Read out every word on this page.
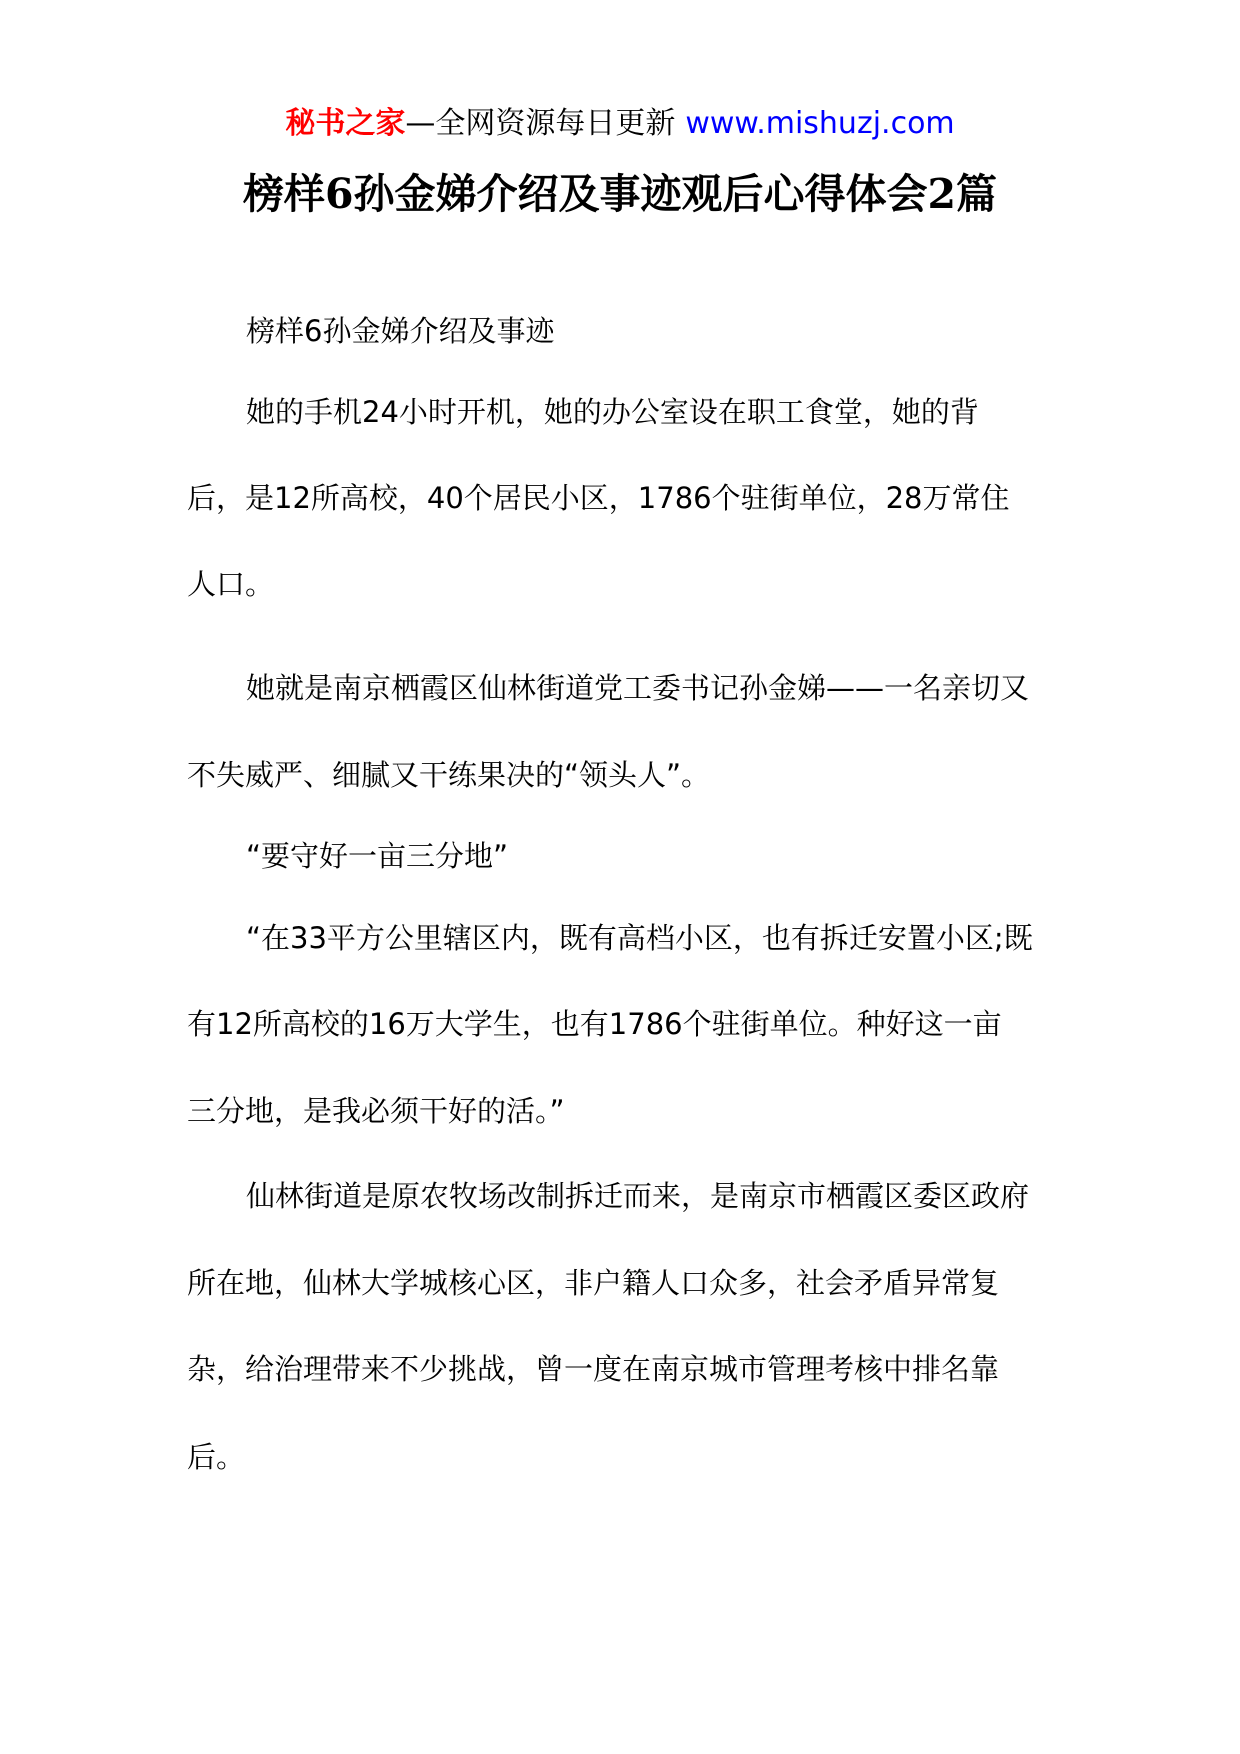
秘书之家—全网资源每日更新 www.mishuzj.com
榜样6孙金娣介绍及事迹观后心得体会2篇
榜样6孙金娣介绍及事迹
她的手机24小时开机，她的办公室设在职工食堂，她的背
后，是12所高校，40个居民小区，1786个驻街单位，28万常住
人口。
她就是南京栖霞区仙林街道党工委书记孙金娣——一名亲切又
不失威严、细腻又干练果决的“领头人”。
“要守好一亩三分地”
“在33平方公里辖区内，既有高档小区，也有拆迁安置小区;既
有12所高校的16万大学生，也有1786个驻街单位。种好这一亩
三分地，是我必须干好的活。”
仙林街道是原农牧场改制拆迁而来，是南京市栖霞区委区政府
所在地，仙林大学城核心区，非户籍人口众多，社会矛盾异常复
杂，给治理带来不少挑战，曾一度在南京城市管理考核中排名靠
后。
